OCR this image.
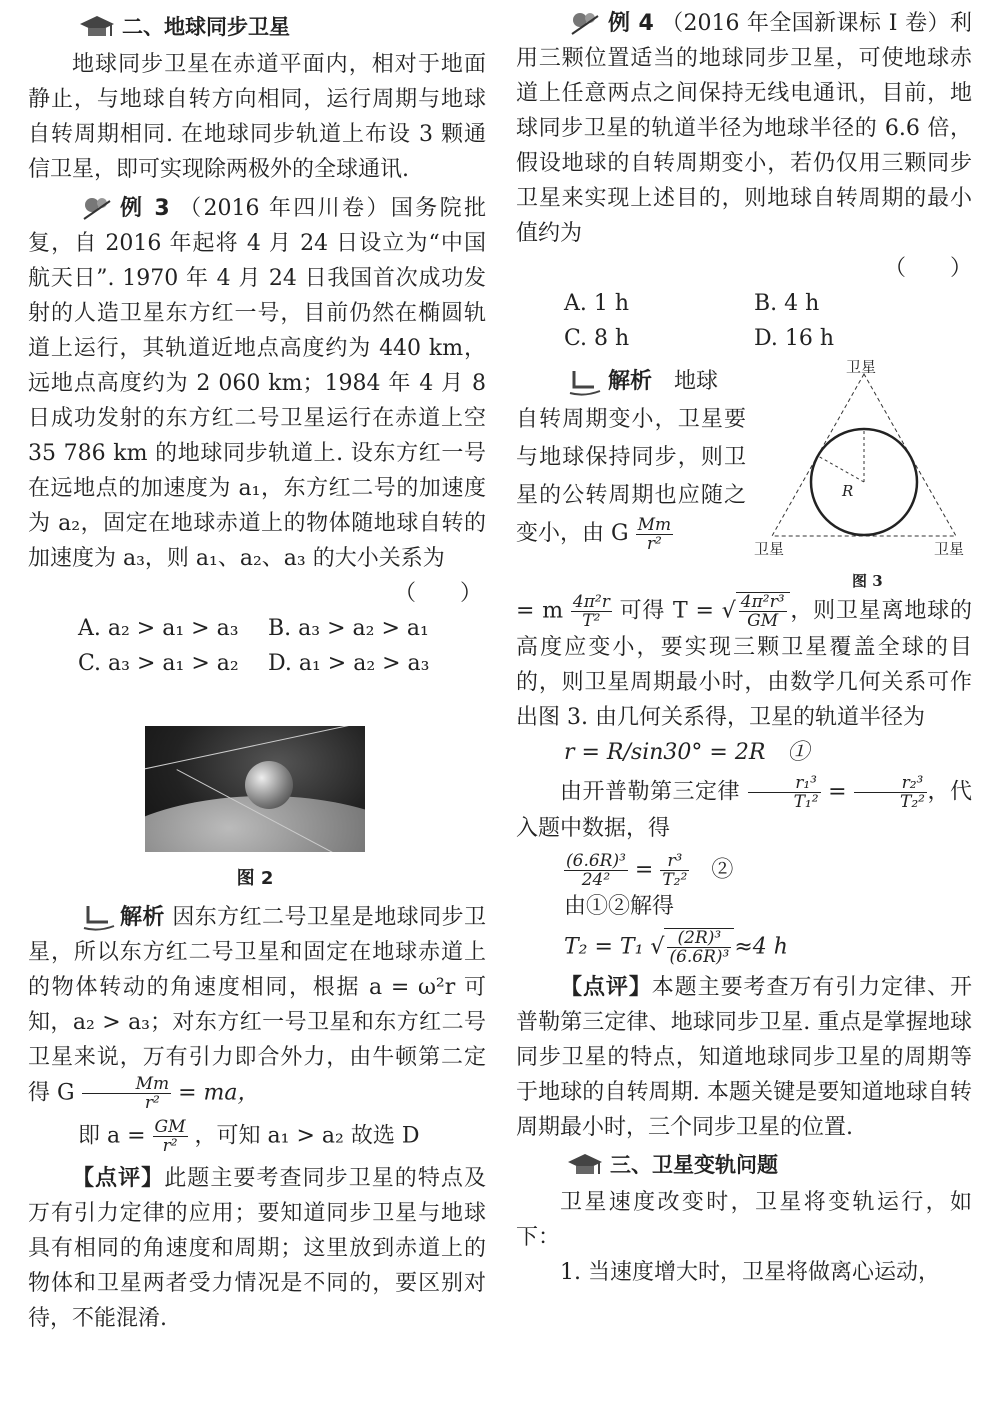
二、地球同步卫星

地球同步卫星在赤道平面内，相对于地面静止，与地球自转方向相同，运行周期与地球自转周期相同. 在地球同步轨道上布设 3 颗通信卫星，即可实现除两极外的全球通讯.

例 3 （2016 年四川卷）国务院批复，自 2016 年起将 4 月 24 日设立为“中国航天日”. 1970 年 4 月 24 日我国首次成功发射的人造卫星东方红一号，目前仍然在椭圆轨道上运行，其轨道近地点高度约为 440 km，远地点高度约为 2 060 km；1984 年 4 月 8 日成功发射的东方红二号卫星运行在赤道上空 35 786 km 的地球同步轨道上. 设东方红一号在远地点的加速度为 a₁，东方红二号的加速度为 a₂，固定在地球赤道上的物体随地球自转的加速度为 a₃，则 a₁、a₂、a₃ 的大小关系为

（　　）
A. a₂ > a₁ > a₃	B. a₃ > a₂ > a₁
C. a₃ > a₁ > a₂	D. a₁ > a₂ > a₃
图 2

解析 因东方红二号卫星是地球同步卫星，所以东方红二号卫星和固定在地球赤道上的物体转动的角速度相同，根据 a = ω²r 可知，a₂ > a₃；对东方红一号卫星和东方红二号卫星来说，万有引力即合外力，由牛顿第二定得 G $\frac{Mm}{\text{r²}}$ = ma，

即 $a = \frac{GM}{\text{r²}}$ ，可知 a₁ > a₂ 故选 D

【点评】此题主要考查同步卫星的特点及万有引力定律的应用；要知道同步卫星与地球具有相同的角速度和周期；这里放到赤道上的物体和卫星两者受力情况是不同的，要区别对待，不能混淆.

例 4 （2016 年全国新课标 Ⅰ 卷）利用三颗位置适当的地球同步卫星，可使地球赤道上任意两点之间保持无线电通讯，目前，地球同步卫星的轨道半径为地球半径的 6.6 倍，假设地球的自转周期变小，若仍仅用三颗同步卫星来实现上述目的，则地球自转周期的最小值约为

（　　）
A. 1 h	B. 4 h
C. 8 h	D. 16 h
解析 地球

自转周期变小，卫星要与地球保持同步，则卫星的公转周期也应随之变小，由 G $\frac{Mm}{\text{r²}}$

卫星
卫星	卫星
R
图 3

= m $\frac{\text{4π²r}}{\text{T²}}$ 可得 T = √ $\frac{\text{4π²r³}}{GM}$ ，则卫星离地球的高度应变小，要实现三颗卫星覆盖全球的目的，则卫星周期最小时，由数学几何关系可作出图 3. 由几何关系得，卫星的轨道半径为

r = R/sin30° = 2R　①

由开普勒第三定律 $\frac{\text{r₁³}}{\text{T₁²}} = \frac{\text{r₂³}}{\text{T₂²}}$ ，代入题中数据，得

$\frac{\text{(6.6R)³}}{\text{24²}} = \frac{\text{r³}}{\text{T₂²}}$
　 ②

由①②解得

T₂ = T₁ √ $\frac{\text{(2R)³}}{\text{(6.6R)³}} \approx 4$ h

【点评】本题主要考查万有引力定律、开普勒第三定律、地球同步卫星. 重点是掌握地球同步卫星的特点，知道地球同步卫星的周期等于地球的自转周期. 本题关键是要知道地球自转周期最小时，三个同步卫星的位置.

三、卫星变轨问题

卫星速度改变时，卫星将变轨运行，如下：

1. 当速度增大时，卫星将做离心运动，
